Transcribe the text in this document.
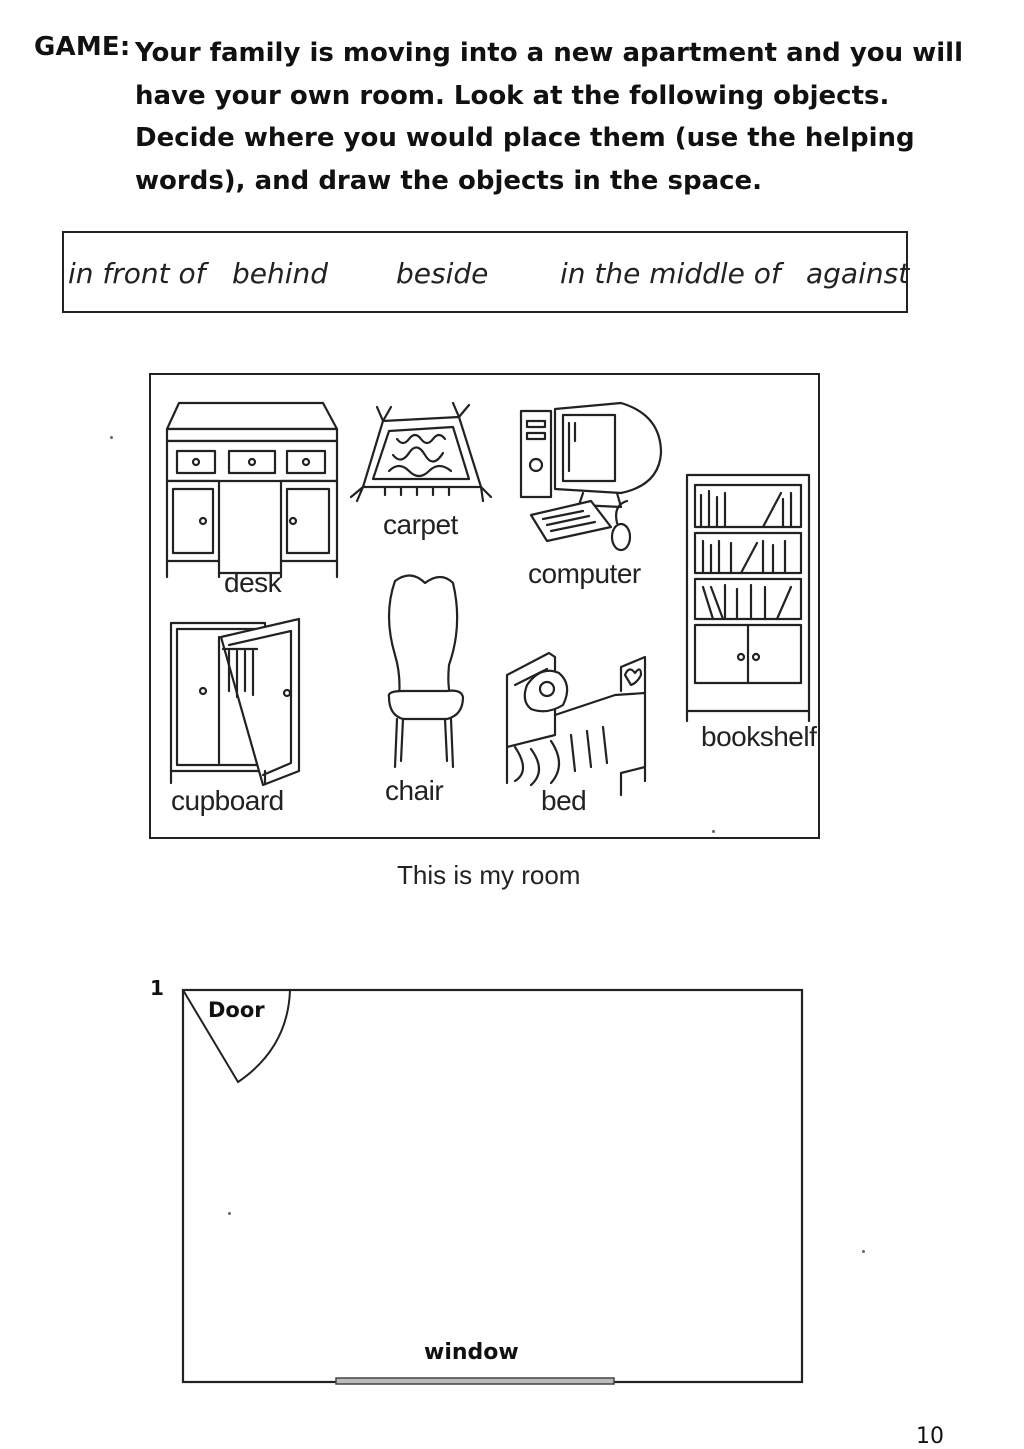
GAME: Your family is moving into a new apartment and you will have your own room. Look at the following objects. Decide where you would place them (use the helping words), and draw the objects in the space.
in front of behind beside	in the middle of against
desk
carpet
computer
bookshelf
cupboard	chair	bed
This is my room
1
Door
window
10
